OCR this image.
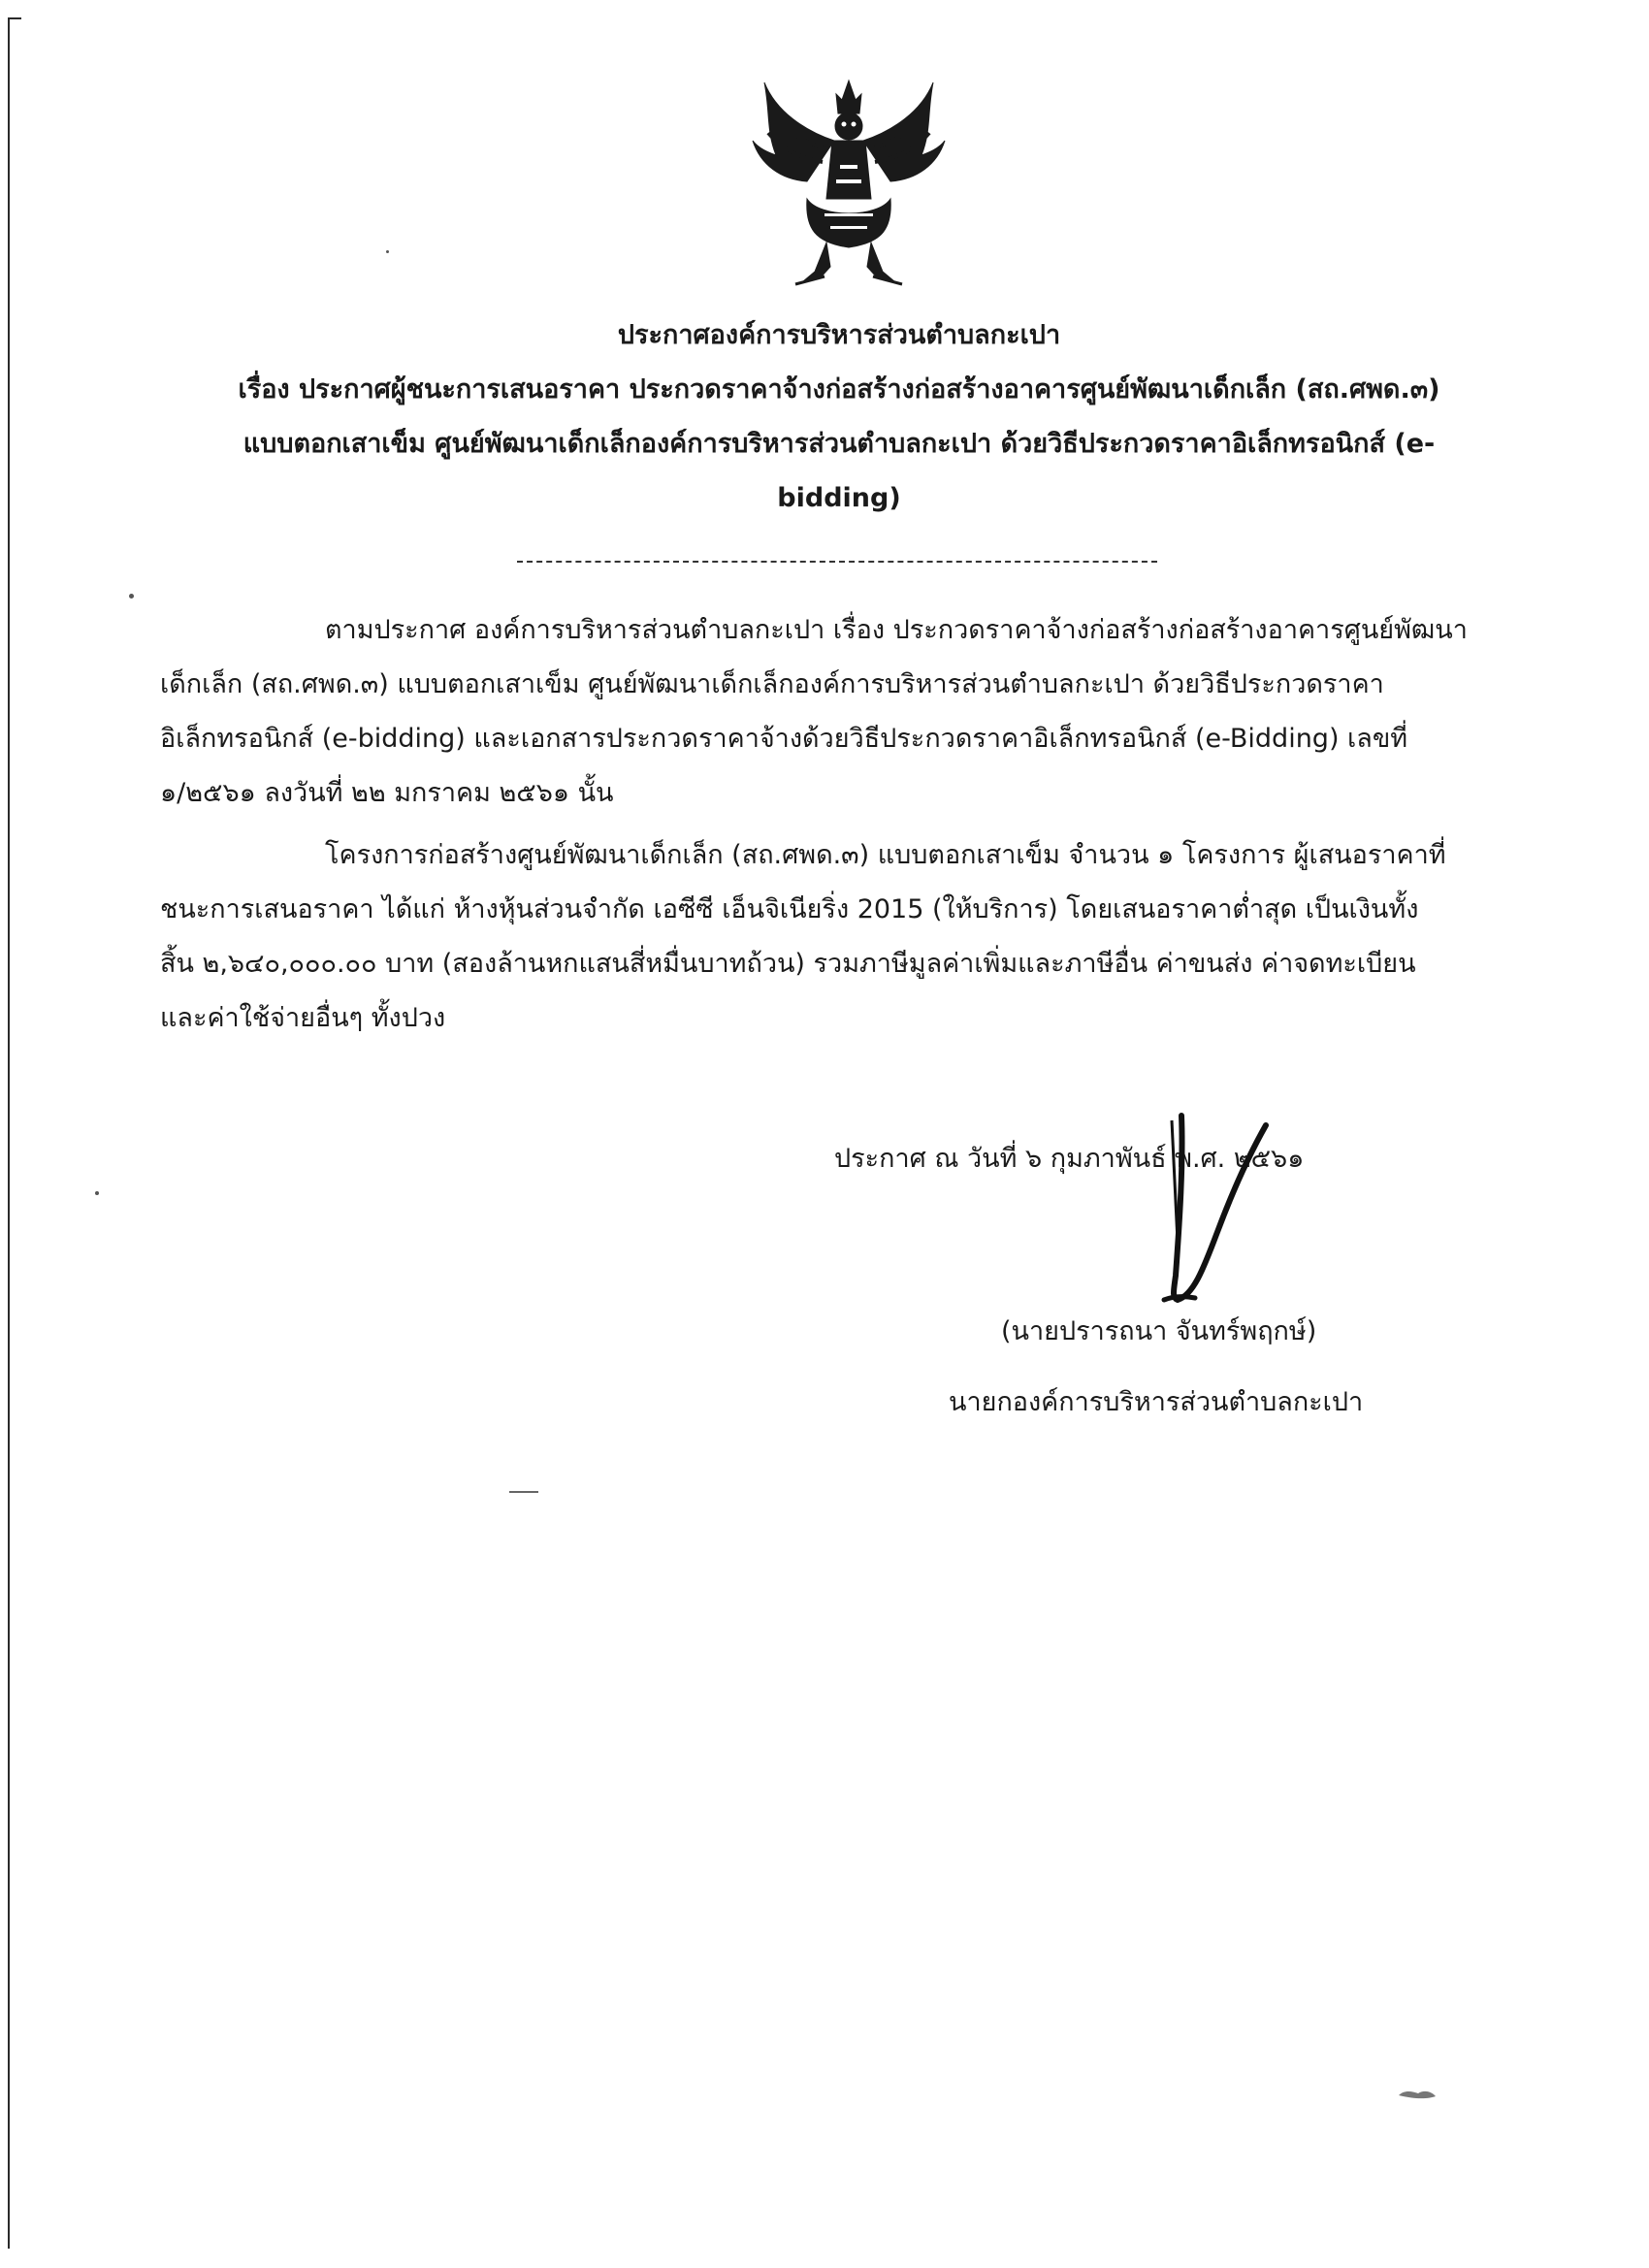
ประกาศองค์การบริหารส่วนตำบลกะเปา
เรื่อง ประกาศผู้ชนะการเสนอราคา ประกวดราคาจ้างก่อสร้างก่อสร้างอาคารศูนย์พัฒนาเด็กเล็ก (สถ.ศพด.๓)
แบบตอกเสาเข็ม ศูนย์พัฒนาเด็กเล็กองค์การบริหารส่วนตำบลกะเปา ด้วยวิธีประกวดราคาอิเล็กทรอนิกส์ (e-
bidding)

ตามประกาศ องค์การบริหารส่วนตำบลกะเปา เรื่อง ประกวดราคาจ้างก่อสร้างก่อสร้างอาคารศูนย์พัฒนา
เด็กเล็ก (สถ.ศพด.๓) แบบตอกเสาเข็ม ศูนย์พัฒนาเด็กเล็กองค์การบริหารส่วนตำบลกะเปา ด้วยวิธีประกวดราคา
อิเล็กทรอนิกส์ (e-bidding) และเอกสารประกวดราคาจ้างด้วยวิธีประกวดราคาอิเล็กทรอนิกส์ (e-Bidding) เลขที่
๑/๒๕๖๑ ลงวันที่ ๒๒ มกราคม ๒๕๖๑ นั้น

โครงการก่อสร้างศูนย์พัฒนาเด็กเล็ก (สถ.ศพด.๓) แบบตอกเสาเข็ม จำนวน ๑ โครงการ ผู้เสนอราคาที่
ชนะการเสนอราคา ได้แก่ ห้างหุ้นส่วนจำกัด เอซีซี เอ็นจิเนียริ่ง 2015 (ให้บริการ) โดยเสนอราคาต่ำสุด เป็นเงินทั้ง
สิ้น ๒,๖๔๐,๐๐๐.๐๐ บาท (สองล้านหกแสนสี่หมื่นบาทถ้วน) รวมภาษีมูลค่าเพิ่มและภาษีอื่น ค่าขนส่ง ค่าจดทะเบียน
และค่าใช้จ่ายอื่นๆ ทั้งปวง

ประกาศ ณ วันที่ ๖ กุมภาพันธ์ พ.ศ. ๒๕๖๑
(นายปรารถนา จันทร์พฤกษ์)
นายกองค์การบริหารส่วนตำบลกะเปา
